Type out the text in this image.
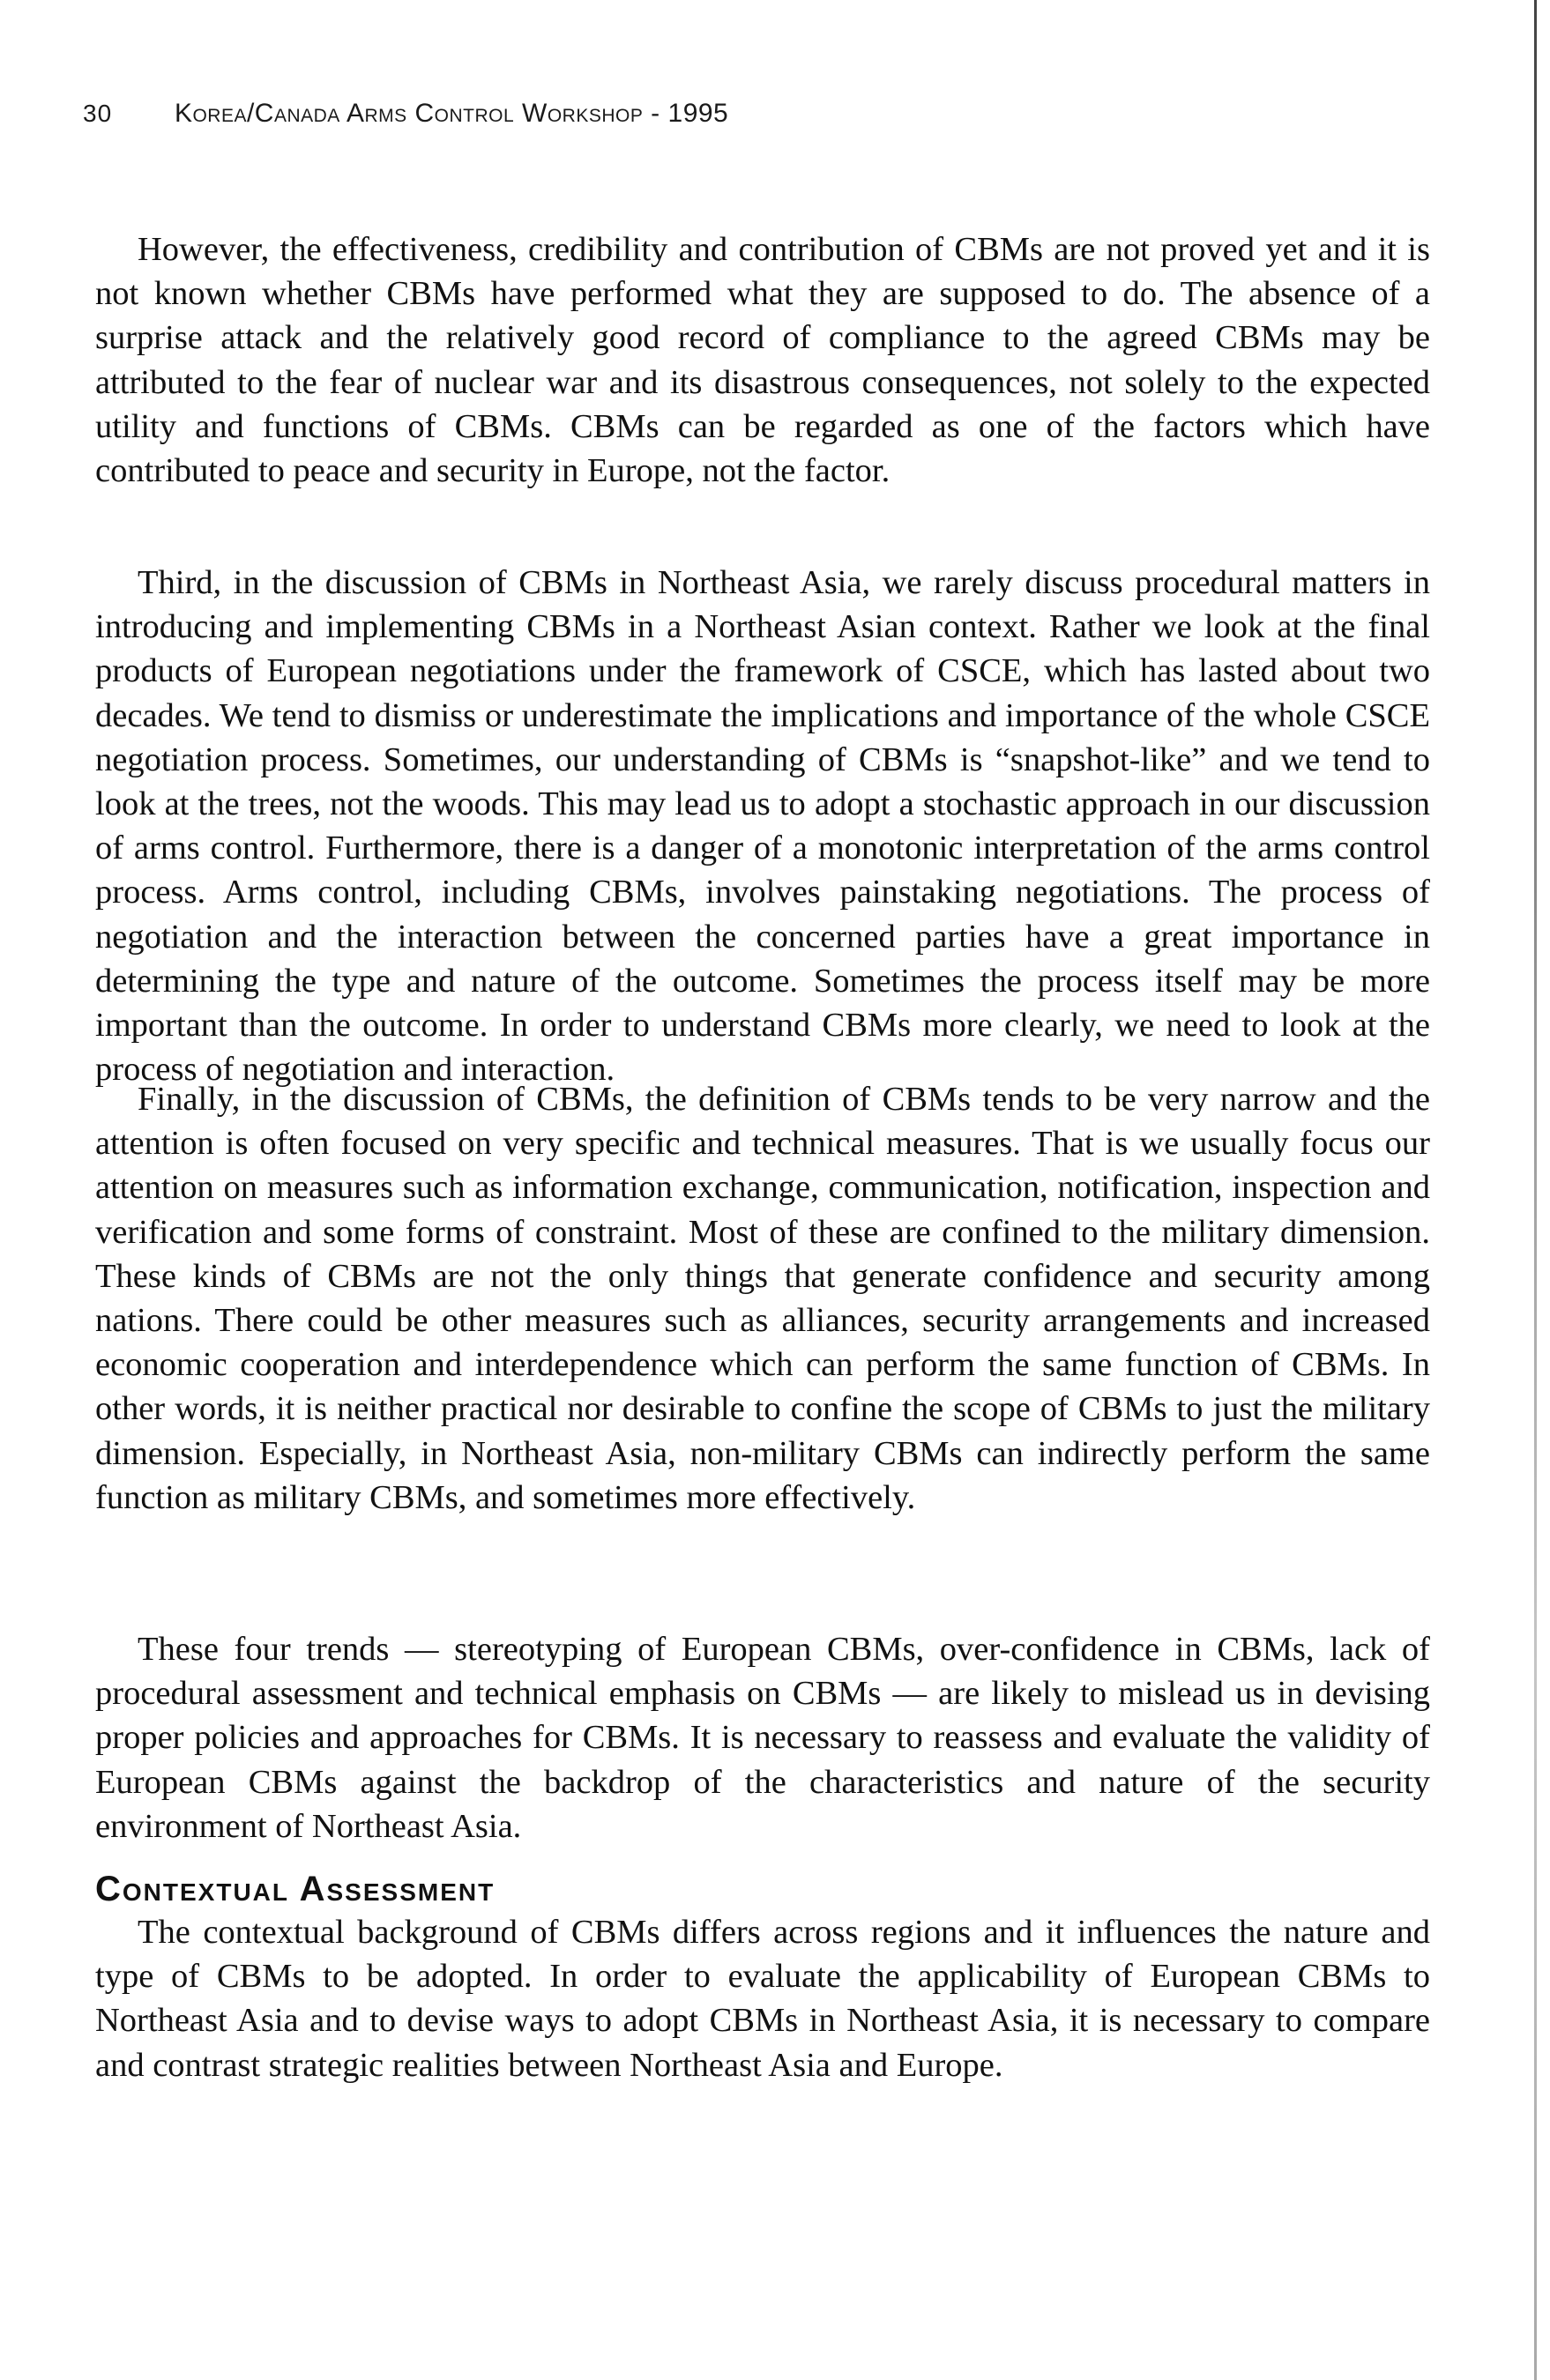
30 Korea/Canada Arms Control Workshop - 1995

However, the effectiveness, credibility and contribution of CBMs are not proved yet and it is not known whether CBMs have performed what they are supposed to do. The absence of a surprise attack and the relatively good record of compliance to the agreed CBMs may be attributed to the fear of nuclear war and its disastrous consequences, not solely to the expected utility and functions of CBMs. CBMs can be regarded as one of the factors which have contributed to peace and security in Europe, not the factor.

Third, in the discussion of CBMs in Northeast Asia, we rarely discuss procedural matters in introducing and implementing CBMs in a Northeast Asian context. Rather we look at the final products of European negotiations under the framework of CSCE, which has lasted about two decades. We tend to dismiss or underestimate the implications and importance of the whole CSCE negotiation process. Sometimes, our understanding of CBMs is “snapshot-like” and we tend to look at the trees, not the woods. This may lead us to adopt a stochastic approach in our discussion of arms control. Furthermore, there is a danger of a monotonic interpretation of the arms control process. Arms control, including CBMs, involves painstaking negotiations. The process of negotiation and the interaction between the concerned parties have a great importance in determining the type and nature of the outcome. Sometimes the process itself may be more important than the outcome. In order to understand CBMs more clearly, we need to look at the process of negotiation and interaction.

Finally, in the discussion of CBMs, the definition of CBMs tends to be very narrow and the attention is often focused on very specific and technical measures. That is we usually focus our attention on measures such as information exchange, communication, notification, inspection and verification and some forms of constraint. Most of these are confined to the military dimension. These kinds of CBMs are not the only things that generate confidence and security among nations. There could be other measures such as alliances, security arrangements and increased economic cooperation and interdependence which can perform the same function of CBMs. In other words, it is neither practical nor desirable to confine the scope of CBMs to just the military dimension. Especially, in Northeast Asia, non-military CBMs can indirectly perform the same function as military CBMs, and sometimes more effectively.

These four trends — stereotyping of European CBMs, over-confidence in CBMs, lack of procedural assessment and technical emphasis on CBMs — are likely to mislead us in devising proper policies and approaches for CBMs. It is necessary to reassess and evaluate the validity of European CBMs against the backdrop of the characteristics and nature of the security environment of Northeast Asia.

Contextual Assessment

The contextual background of CBMs differs across regions and it influences the nature and type of CBMs to be adopted. In order to evaluate the applicability of European CBMs to Northeast Asia and to devise ways to adopt CBMs in Northeast Asia, it is necessary to compare and contrast strategic realities between Northeast Asia and Europe.
